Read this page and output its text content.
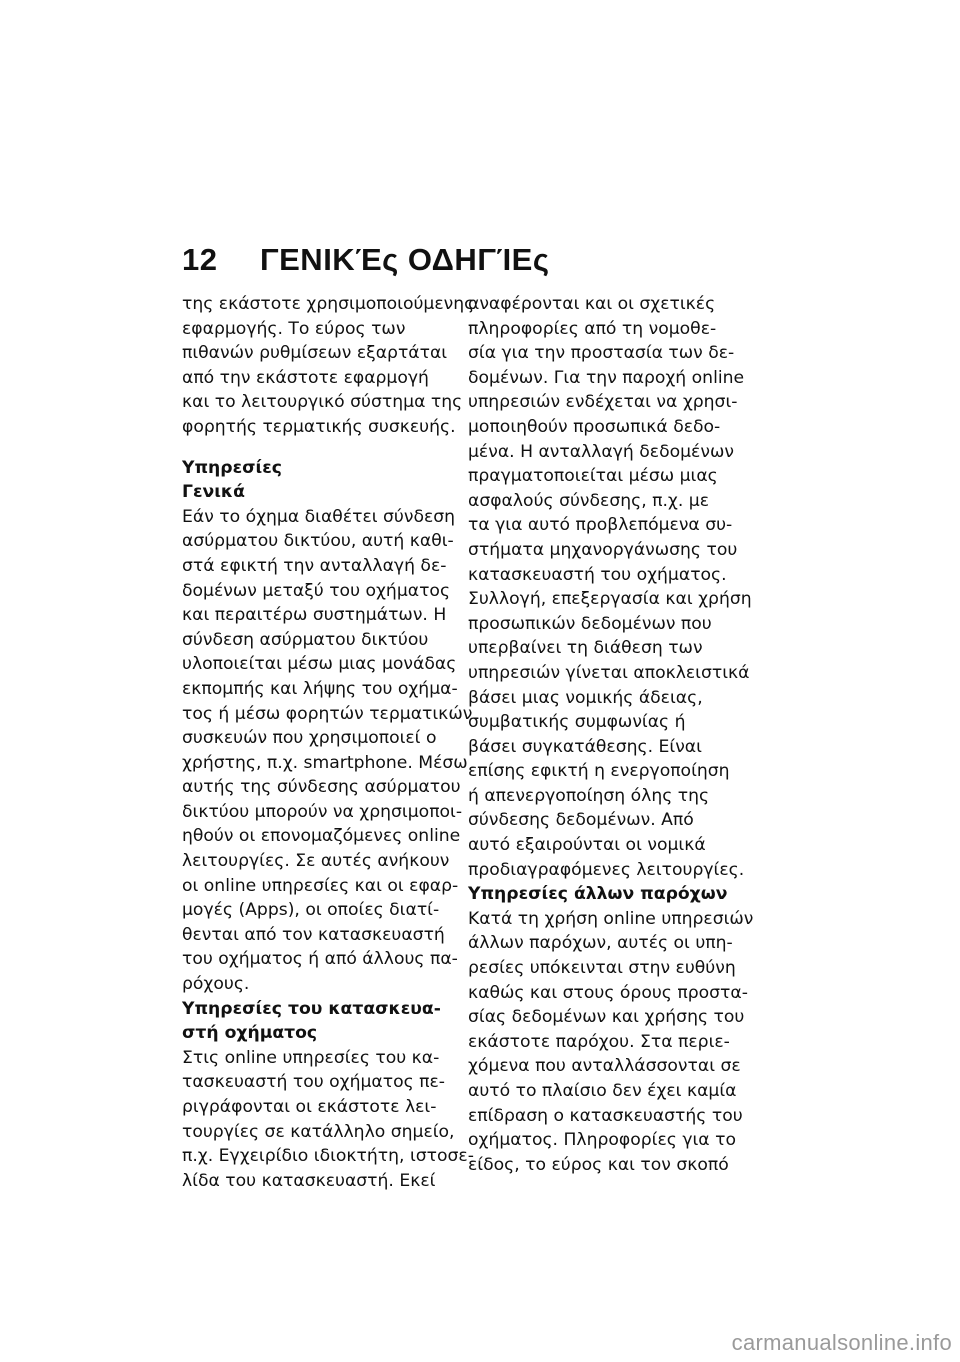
12 ΓΕΝΙΚΈς ΟΔΗΓΊΕς
της εκάστοτε χρησιμοποιούμενης
εφαρμογής. Το εύρος των
πιθανών ρυθμίσεων εξαρτάται
από την εκάστοτε εφαρμογή
και το λειτουργικό σύστημα της
φορητής τερματικής συσκευής.
Υπηρεσίες
Γενικά
Εάν το όχημα διαθέτει σύνδεση
ασύρματου δικτύου, αυτή καθι-
στά εφικτή την ανταλλαγή δε-
δομένων μεταξύ του οχήματος
και περαιτέρω συστημάτων. Η
σύνδεση ασύρματου δικτύου
υλοποιείται μέσω μιας μονάδας
εκπομπής και λήψης του οχήμα-
τος ή μέσω φορητών τερματικών
συσκευών που χρησιμοποιεί ο
χρήστης, π.χ. smartphone. Μέσω
αυτής της σύνδεσης ασύρματου
δικτύου μπορούν να χρησιμοποι-
ηθούν οι επονομαζόμενες online
λειτουργίες. Σε αυτές ανήκουν
οι online υπηρεσίες και οι εφαρ-
μογές (Apps), οι οποίες διατί-
θενται από τον κατασκευαστή
του οχήματος ή από άλλους πα-
ρόχους.
Υπηρεσίες του κατασκευα-
στή οχήματος
Στις online υπηρεσίες του κα-
τασκευαστή του οχήματος πε-
ριγράφονται οι εκάστοτε λει-
τουργίες σε κατάλληλο σημείο,
π.χ. Εγχειρίδιο ιδιοκτήτη, ιστοσε-
λίδα του κατασκευαστή. Εκεί
αναφέρονται και οι σχετικές
πληροφορίες από τη νομοθε-
σία για την προστασία των δε-
δομένων. Για την παροχή online
υπηρεσιών ενδέχεται να χρησι-
μοποιηθούν προσωπικά δεδο-
μένα. Η ανταλλαγή δεδομένων
πραγματοποιείται μέσω μιας
ασφαλούς σύνδεσης, π.χ. με
τα για αυτό προβλεπόμενα συ-
στήματα μηχανοργάνωσης του
κατασκευαστή του οχήματος.
Συλλογή, επεξεργασία και χρήση
προσωπικών δεδομένων που
υπερβαίνει τη διάθεση των
υπηρεσιών γίνεται αποκλειστικά
βάσει μιας νομικής άδειας,
συμβατικής συμφωνίας ή
βάσει συγκατάθεσης. Είναι
επίσης εφικτή η ενεργοποίηση
ή απενεργοποίηση όλης της
σύνδεσης δεδομένων. Από
αυτό εξαιρούνται οι νομικά
προδιαγραφόμενες λειτουργίες.
Υπηρεσίες άλλων παρόχων
Κατά τη χρήση online υπηρεσιών
άλλων παρόχων, αυτές οι υπη-
ρεσίες υπόκεινται στην ευθύνη
καθώς και στους όρους προστα-
σίας δεδομένων και χρήσης του
εκάστοτε παρόχου. Στα περιε-
χόμενα που ανταλλάσσονται σε
αυτό το πλαίσιο δεν έχει καμία
επίδραση ο κατασκευαστής του
οχήματος. Πληροφορίες για το
είδος, το εύρος και τον σκοπό
carmanualsonline.info
